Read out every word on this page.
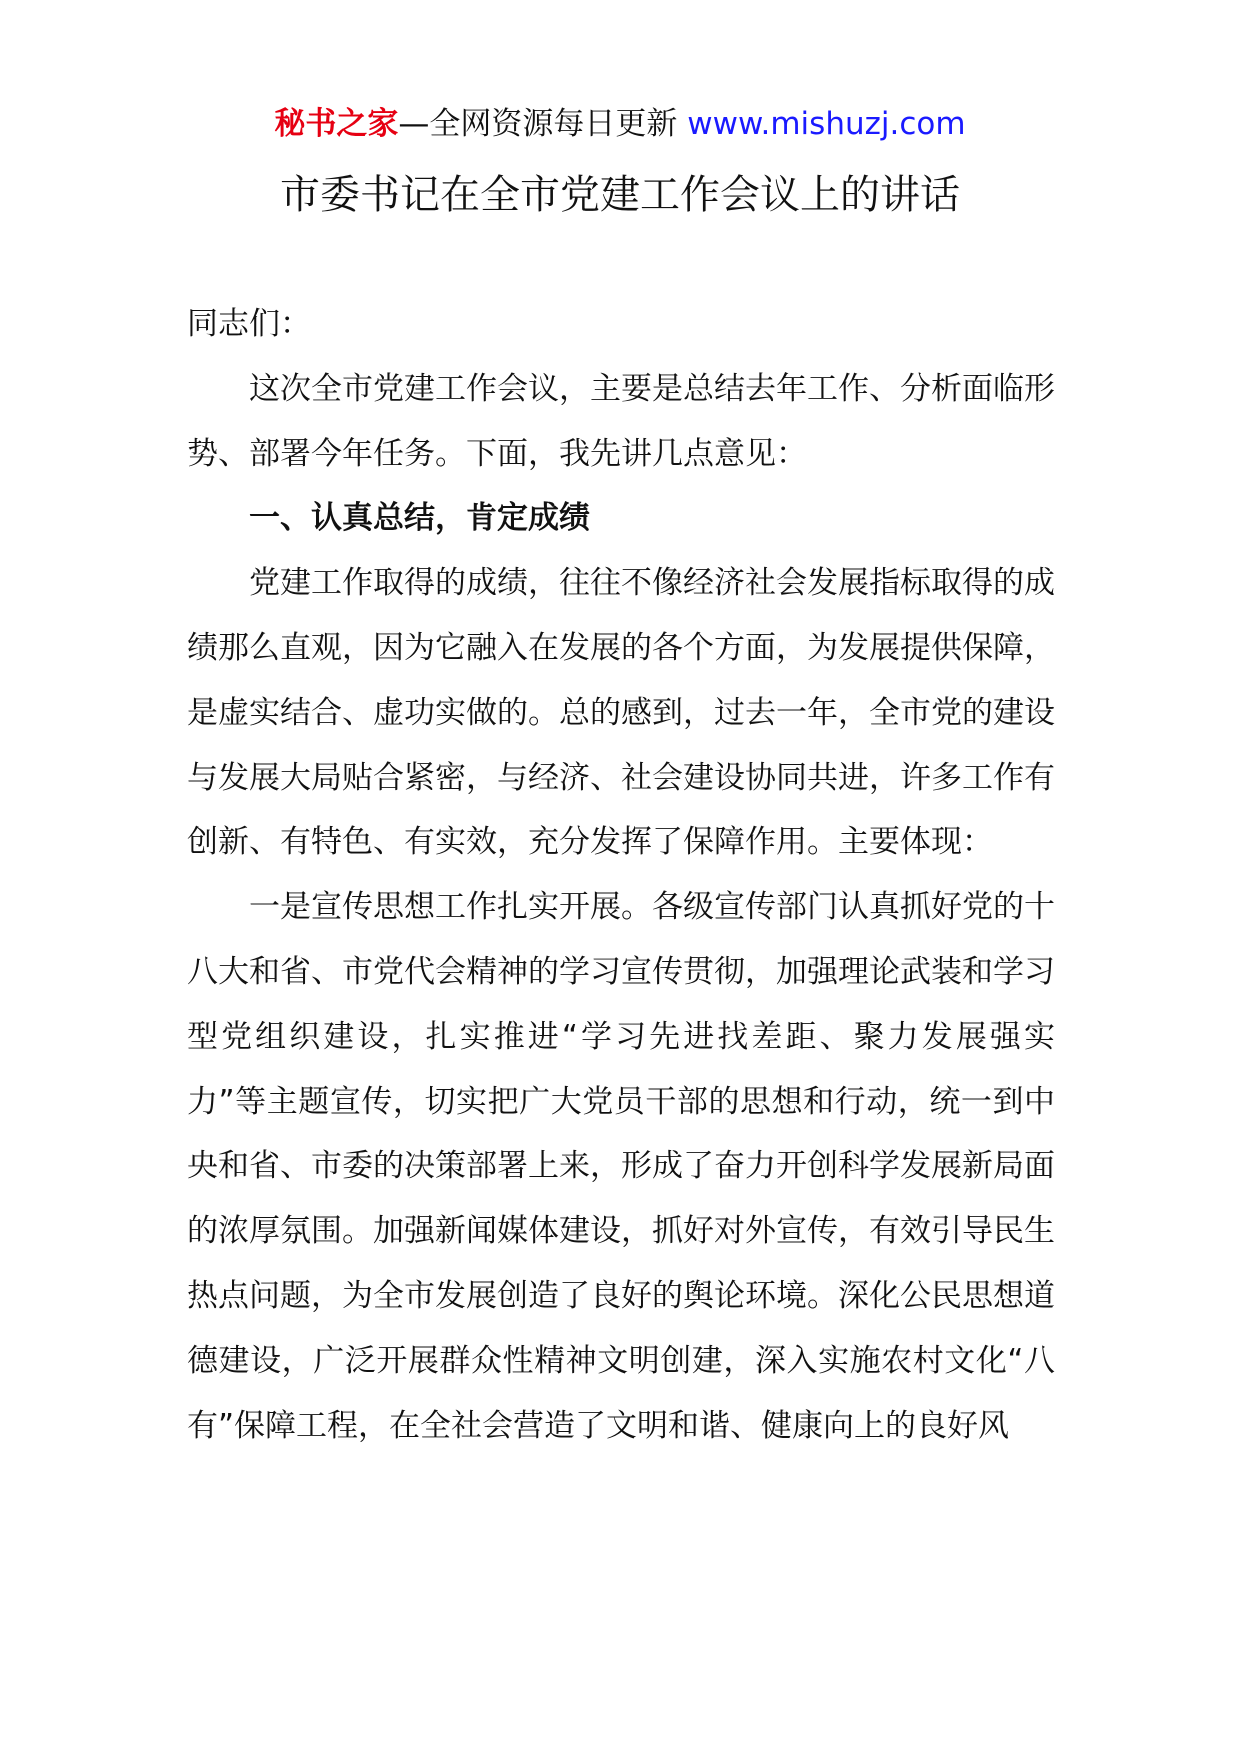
秘书之家—全网资源每日更新 www.mishuzj.com
市委书记在全市党建工作会议上的讲话

同志们：

这次全市党建工作会议，主要是总结去年工作、分析面临形势、部署今年任务。下面，我先讲几点意见：

一、认真总结，肯定成绩

党建工作取得的成绩，往往不像经济社会发展指标取得的成绩那么直观，因为它融入在发展的各个方面，为发展提供保障，是虚实结合、虚功实做的。总的感到，过去一年，全市党的建设与发展大局贴合紧密，与经济、社会建设协同共进，许多工作有创新、有特色、有实效，充分发挥了保障作用。主要体现：

一是宣传思想工作扎实开展。各级宣传部门认真抓好党的十八大和省、市党代会精神的学习宣传贯彻，加强理论武装和学习型党组织建设，扎实推进“学习先进找差距、聚力发展强实力”等主题宣传，切实把广大党员干部的思想和行动，统一到中央和省、市委的决策部署上来，形成了奋力开创科学发展新局面的浓厚氛围。加强新闻媒体建设，抓好对外宣传，有效引导民生热点问题，为全市发展创造了良好的舆论环境。深化公民思想道德建设，广泛开展群众性精神文明创建，深入实施农村文化“八有”保障工程，在全社会营造了文明和谐、健康向上的良好风
